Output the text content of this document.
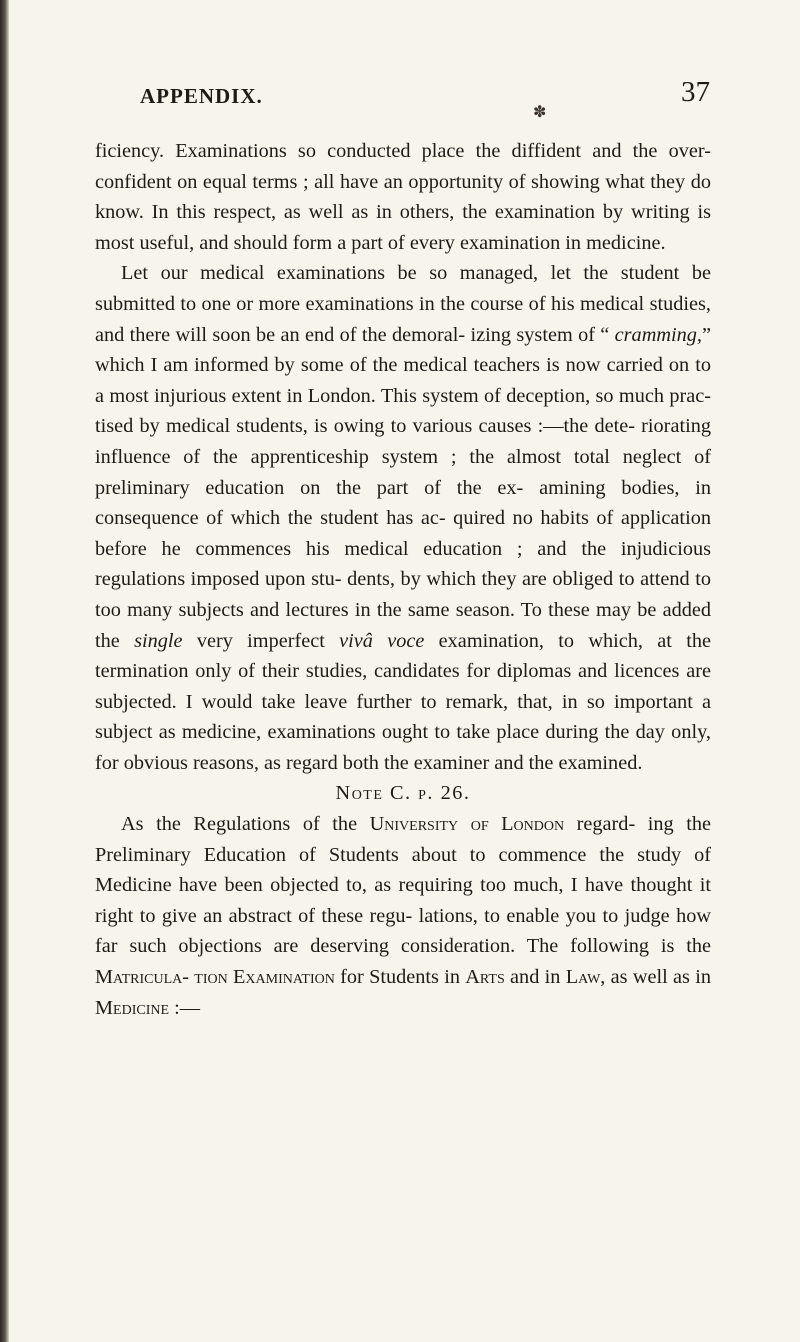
APPENDIX.
✽
37

ficiency. Examinations so conducted place the diffident and the over-confident on equal terms ; all have an opportunity of showing what they do know. In this respect, as well as in others, the examination by writing is most useful, and should form a part of every examination in medicine.

Let our medical examinations be so managed, let the student be submitted to one or more examinations in the course of his medical studies, and there will soon be an end of the demoral- izing system of “ cramming,” which I am informed by some of the medical teachers is now carried on to a most injurious extent in London. This system of deception, so much prac- tised by medical students, is owing to various causes :—the dete- riorating influence of the apprenticeship system ; the almost total neglect of preliminary education on the part of the ex- amining bodies, in consequence of which the student has ac- quired no habits of application before he commences his medical education ; and the injudicious regulations imposed upon stu- dents, by which they are obliged to attend to too many subjects and lectures in the same season. To these may be added the single very imperfect vivâ voce examination, to which, at the termination only of their studies, candidates for diplomas and licences are subjected. I would take leave further to remark, that, in so important a subject as medicine, examinations ought to take place during the day only, for obvious reasons, as regard both the examiner and the examined.

Note C. p. 26.

As the Regulations of the University of London regard- ing the Preliminary Education of Students about to commence the study of Medicine have been objected to, as requiring too much, I have thought it right to give an abstract of these regu- lations, to enable you to judge how far such objections are deserving consideration. The following is the Matricula- tion Examination for Students in Arts and in Law, as well as in Medicine :—
